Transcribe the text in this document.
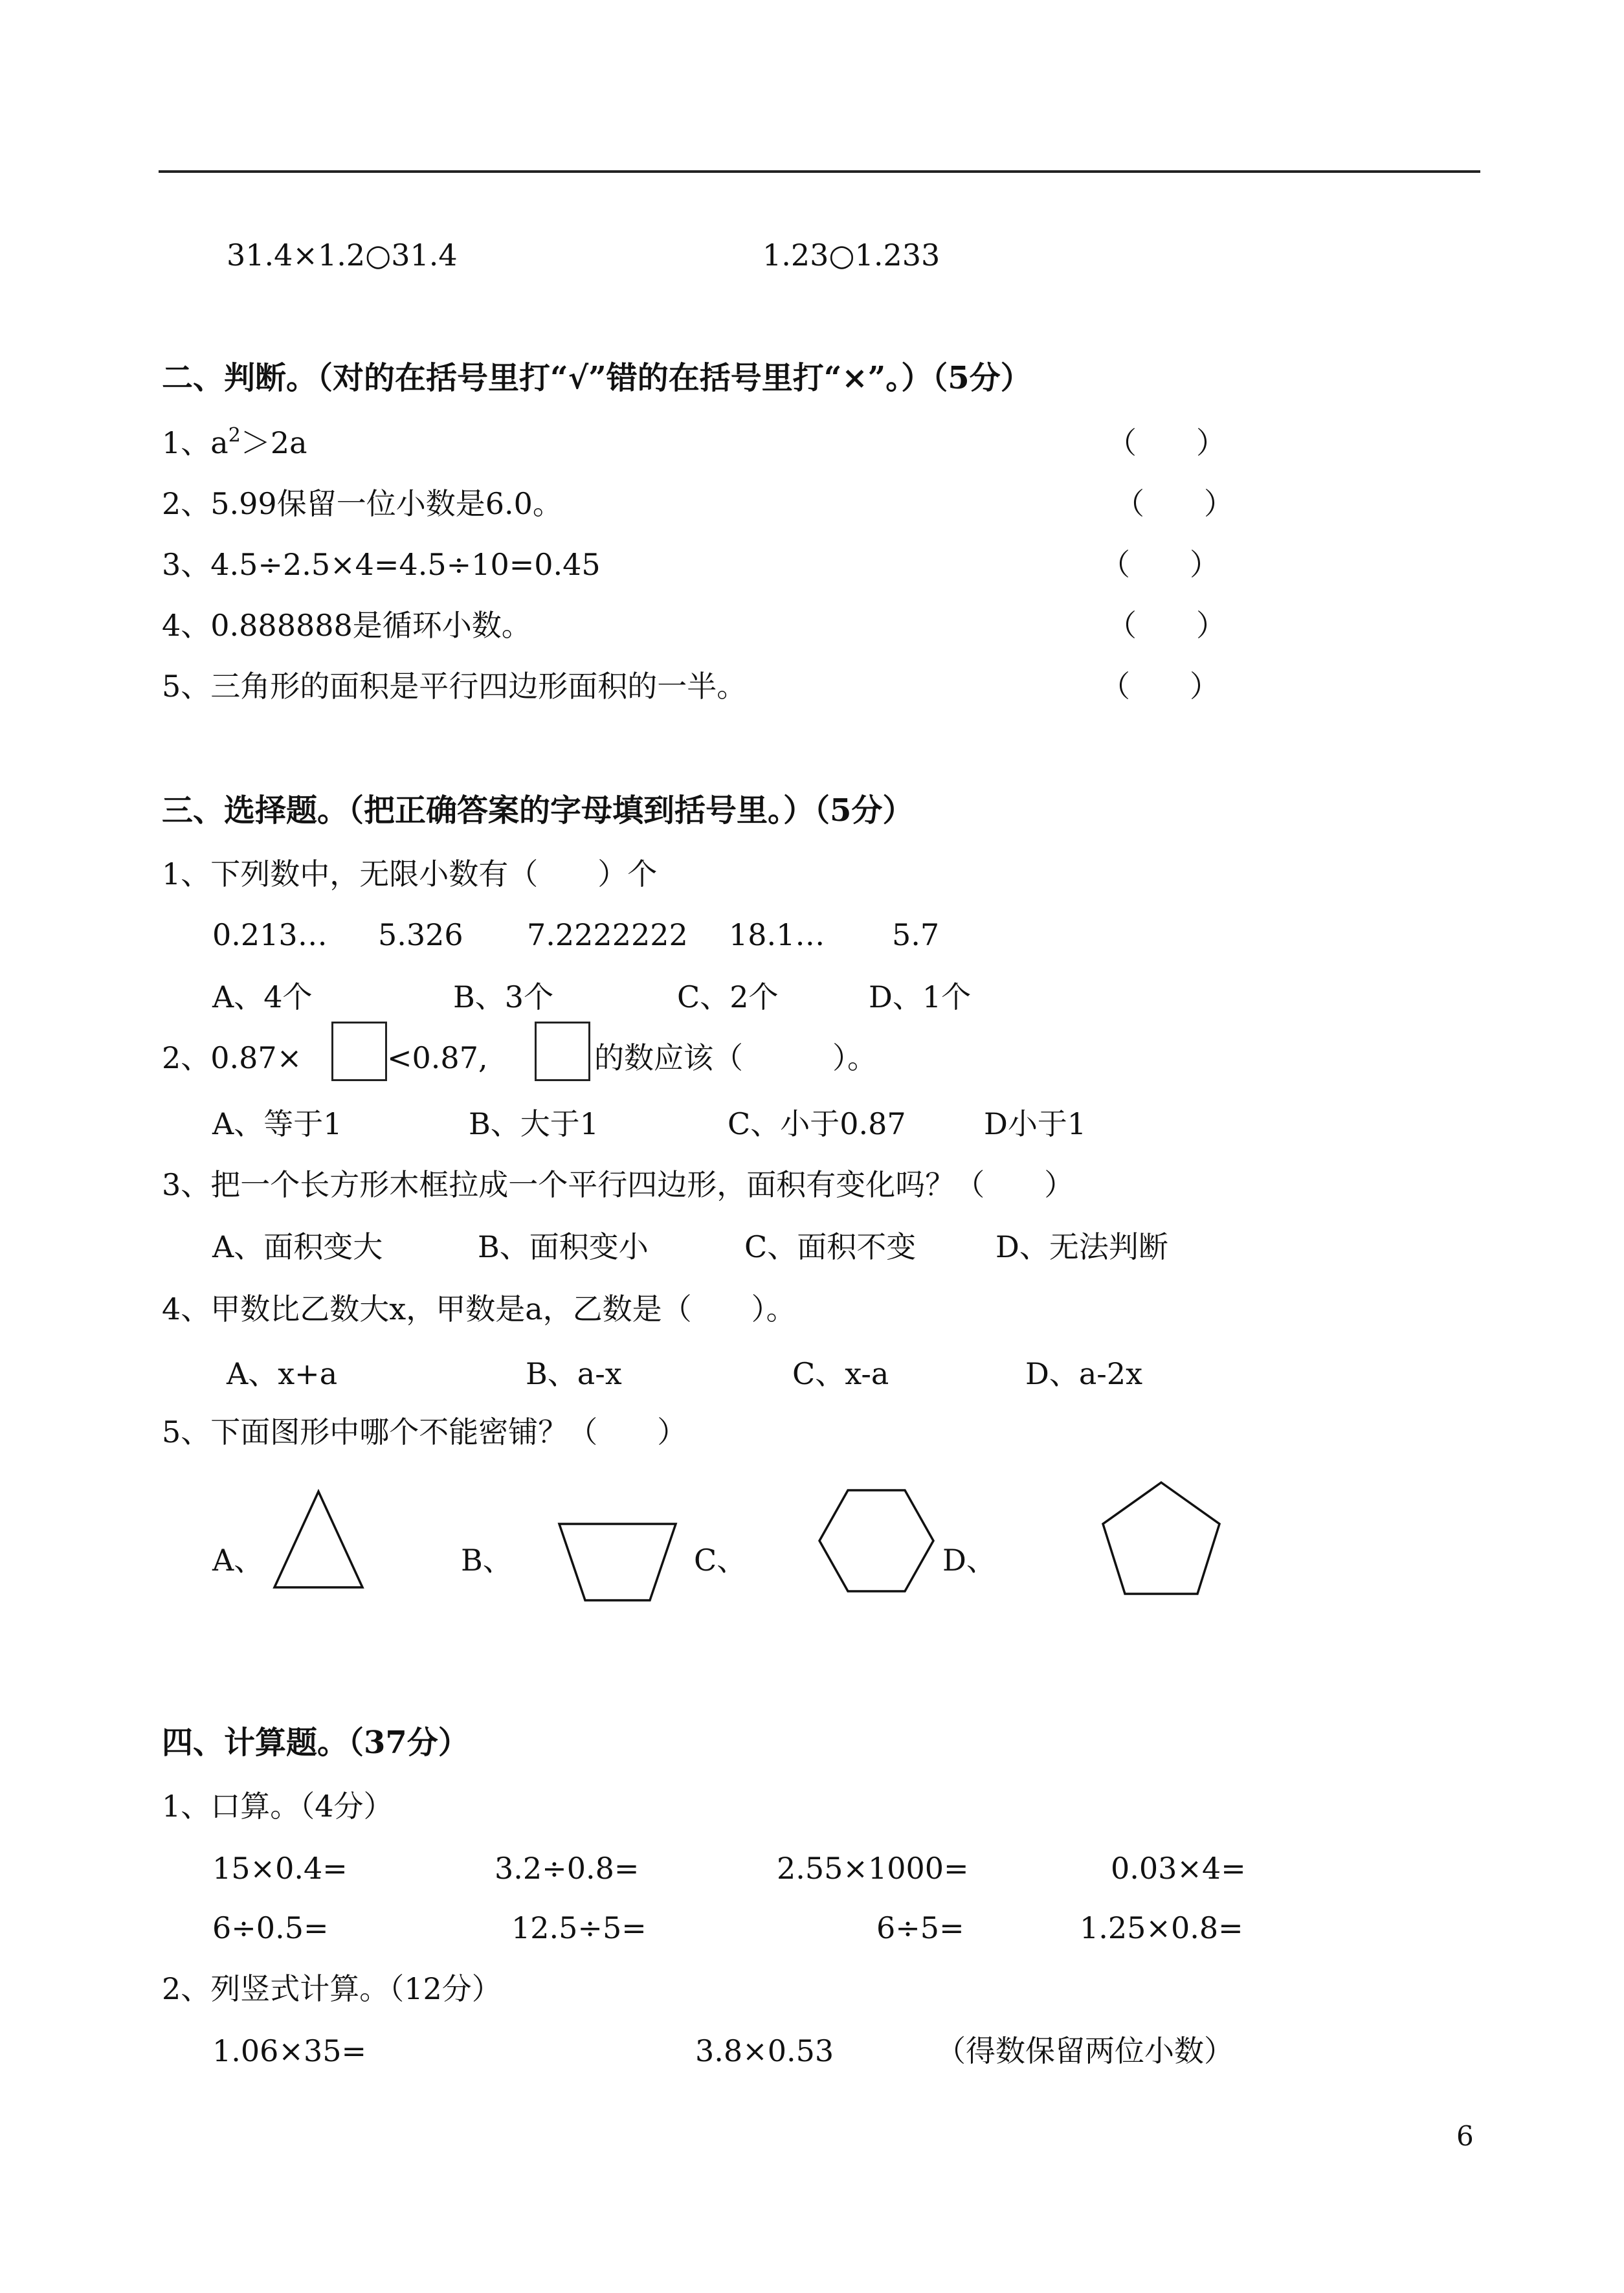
31.4×1.2○31.4	1.23○1.233
二、判断。（对的在括号里打“√”错的在括号里打“×”。）（5分）
1、$a^2>2a$	（　　）
2、5.99保留一位小数是6.0。	（　　）
3、4.5÷2.5×4=4.5÷10=0.45	（　　）
4、0.888888是循环小数。	（　　）
5、三角形的面积是平行四边形面积的一半。	（　　）
三、选择题。（把正确答案的字母填到括号里。）（5分）
1、下列数中，无限小数有（　　）个
0.213… 5.326 7.2222222 18.1… 5.7
A、4个	B、3个	C、2个	D、1个
2、0.87×	<0.87,	的数应该（　　　）。
A、等于1	B、大于1	C、小于0.87	D小于1
3、把一个长方形木框拉成一个平行四边形，面积有变化吗？（　　）
A、面积变大	B、面积变小	C、面积不变	D、无法判断
4、甲数比乙数大x，甲数是a，乙数是（　　）。
A、x+a	B、a-x	C、x-a	D、a-2x
5、下面图形中哪个不能密铺？（　　）
A、	B、	C、	D、
四、计算题。（37分）
1、口算。（4分）
15×0.4=	3.2÷0.8=	2.55×1000=	0.03×4=
6÷0.5=	12.5÷5=	6÷5=	1.25×0.8=
2、列竖式计算。（12分）
1.06×35=	3.8×0.53	（得数保留两位小数）
6
